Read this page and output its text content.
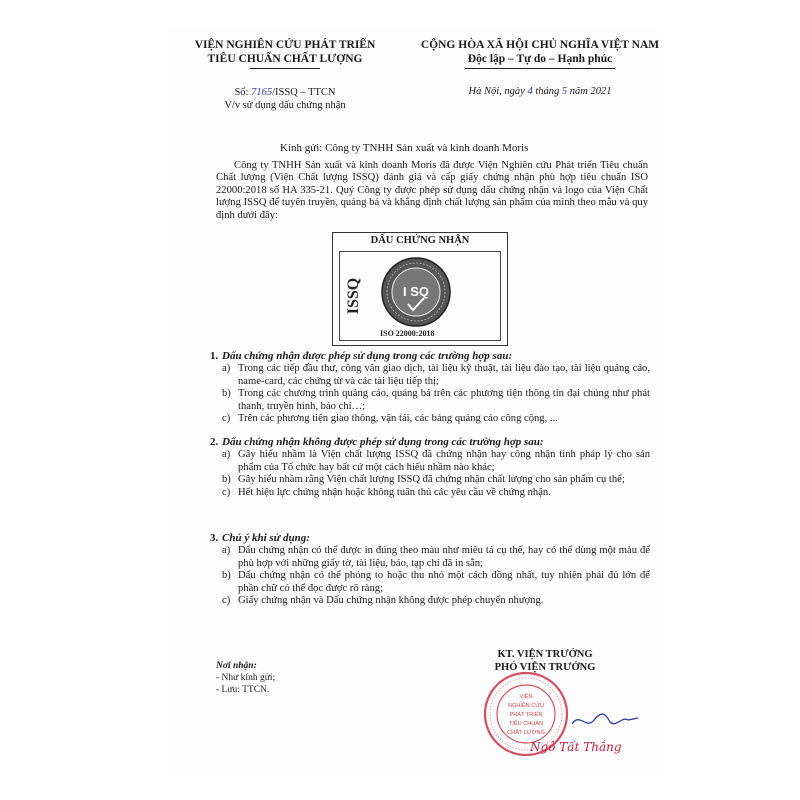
VIỆN NGHIÊN CỨU PHÁT TRIỂN
TIÊU CHUẨN CHẤT LƯỢNG
CỘNG HÒA XÃ HỘI CHỦ NGHĨA VIỆT NAM
Độc lập – Tự do – Hạnh phúc
Số: 7165/ISSQ – TTCN
V/v sử dụng dấu chứng nhận
Hà Nội, ngày 4 tháng 5 năm 2021
Kính gửi: Công ty TNHH Sản xuất và kinh doanh Moris
Công ty TNHH Sản xuất và kinh doanh Moris đã được Viện Nghiên cứu Phát triển Tiêu chuẩn Chất lượng (Viện Chất lượng ISSQ) đánh giá và cấp giấy chứng nhận phù hợp tiêu chuẩn ISO 22000:2018 số HA 335-21. Quý Công ty được phép sử dụng dấu chứng nhận và logo của Viện Chất lượng ISSQ để tuyên truyền, quảng bá và khẳng định chất lượng sản phẩm của mình theo mẫu và quy định dưới đây:
DẤU CHỨNG NHẬN
ISSQ	I SQ
ISO 22000:2018
1. Dấu chứng nhận được phép sử dụng trong các trường hợp sau:
a) Trong các tiếp đầu thư, công văn giao dịch, tài liệu kỹ thuật, tài liệu đào tạo, tài liệu quảng cáo, name-card, các chứng từ và các tài liệu tiếp thị;
b) Trong các chương trình quảng cáo, quảng bá trên các phương tiện thông tin đại chúng như phát thanh, truyền hình, báo chí…;
c) Trên các phương tiện giao thông, vận tải, các bảng quảng cáo công cộng, ...
2. Dấu chứng nhận không được phép sử dụng trong các trường hợp sau:
a) Gây hiểu nhầm là Viện chất lượng ISSQ đã chứng nhận hay công nhận tình pháp lý cho sản phẩm của Tổ chức hay bất cứ một cách hiểu nhầm nào khác;
b) Gây hiểu nhầm rằng Viện chất lượng ISSQ đã chứng nhận chất lượng cho sản phẩm cụ thể;
c) Hết hiệu lực chứng nhận hoặc không tuân thủ các yêu cầu về chứng nhận.
3. Chú ý khi sử dụng:
a) Dấu chứng nhận có thể được in đúng theo màu như miêu tả cụ thể, hay có thể dùng một màu để phù hợp với những giấy tờ, tài liệu, báo, tạp chí đã in sẵn;
b) Dấu chứng nhận có thể phóng to hoặc thu nhỏ một cách đồng nhất, tuy nhiên phải đủ lớn để phần chữ có thể đọc được rõ ràng;
c) Giấy chứng nhận và Dấu chứng nhận không được phép chuyển nhượng.
Nơi nhận:
- Như kính gửi;
- Lưu: TTCN.
KT. VIỆN TRƯỞNG
PHÓ VIỆN TRƯỞNG
VIỆN
NGHIÊN CỨU
PHÁT TRIỂN
TIÊU CHUẨN
CHẤT LƯỢNG
Ngô Tất Thắng
